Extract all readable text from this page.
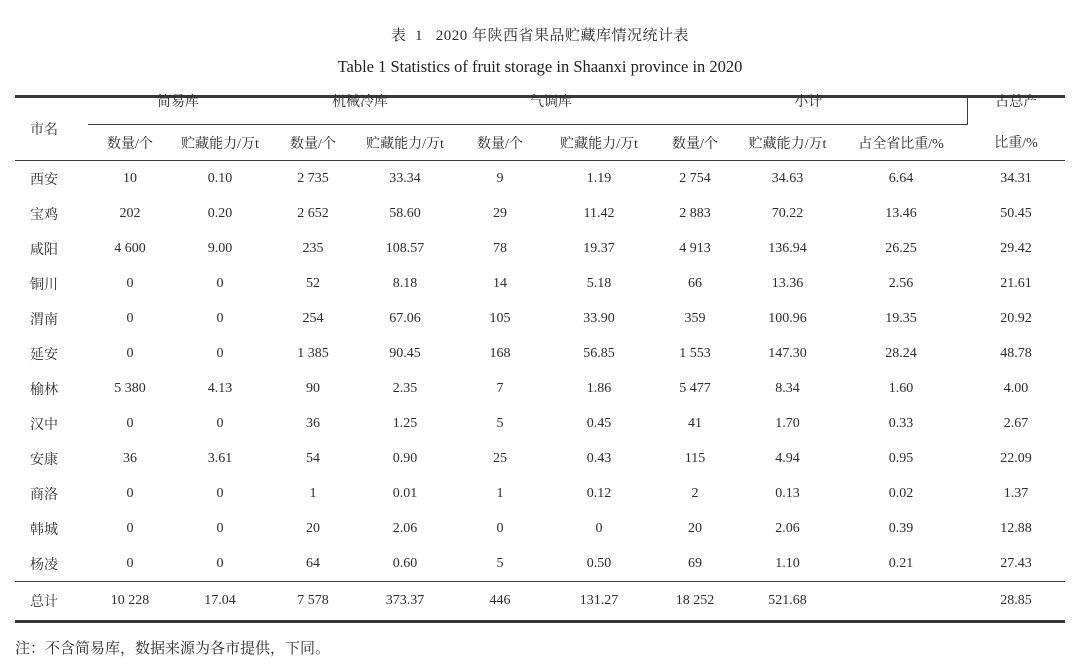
表  1   2020 年陕西省果品贮藏库情况统计表

Table 1 Statistics of fruit storage in Shaanxi province in 2020

市名	简易库		机械冷库		气调库		小计			占总产
	数量/个	贮藏能力/万t	数量/个	贮藏能力/万t	数量/个	贮藏能力/万t	数量/个	贮藏能力/万t	占全省比重/%	比重/%
西安	10	0.10	2 735	33.34	9	1.19	2 754	34.63	6.64	34.31
宝鸡	202	0.20	2 652	58.60	29	11.42	2 883	70.22	13.46	50.45
咸阳	4 600	9.00	235	108.57	78	19.37	4 913	136.94	26.25	29.42
铜川	0	0	52	8.18	14	5.18	66	13.36	2.56	21.61
渭南	0	0	254	67.06	105	33.90	359	100.96	19.35	20.92
延安	0	0	1 385	90.45	168	56.85	1 553	147.30	28.24	48.78
榆林	5 380	4.13	90	2.35	7	1.86	5 477	8.34	1.60	4.00
汉中	0	0	36	1.25	5	0.45	41	1.70	0.33	2.67
安康	36	3.61	54	0.90	25	0.43	115	4.94	0.95	22.09
商洛	0	0	1	0.01	1	0.12	2	0.13	0.02	1.37
韩城	0	0	20	2.06	0	0	20	2.06	0.39	12.88
杨凌	0	0	64	0.60	5	0.50	69	1.10	0.21	27.43
总计	10 228	17.04	7 578	373.37	446	131.27	18 252	521.68		28.85

注：不含简易库，数据来源为各市提供，下同。
